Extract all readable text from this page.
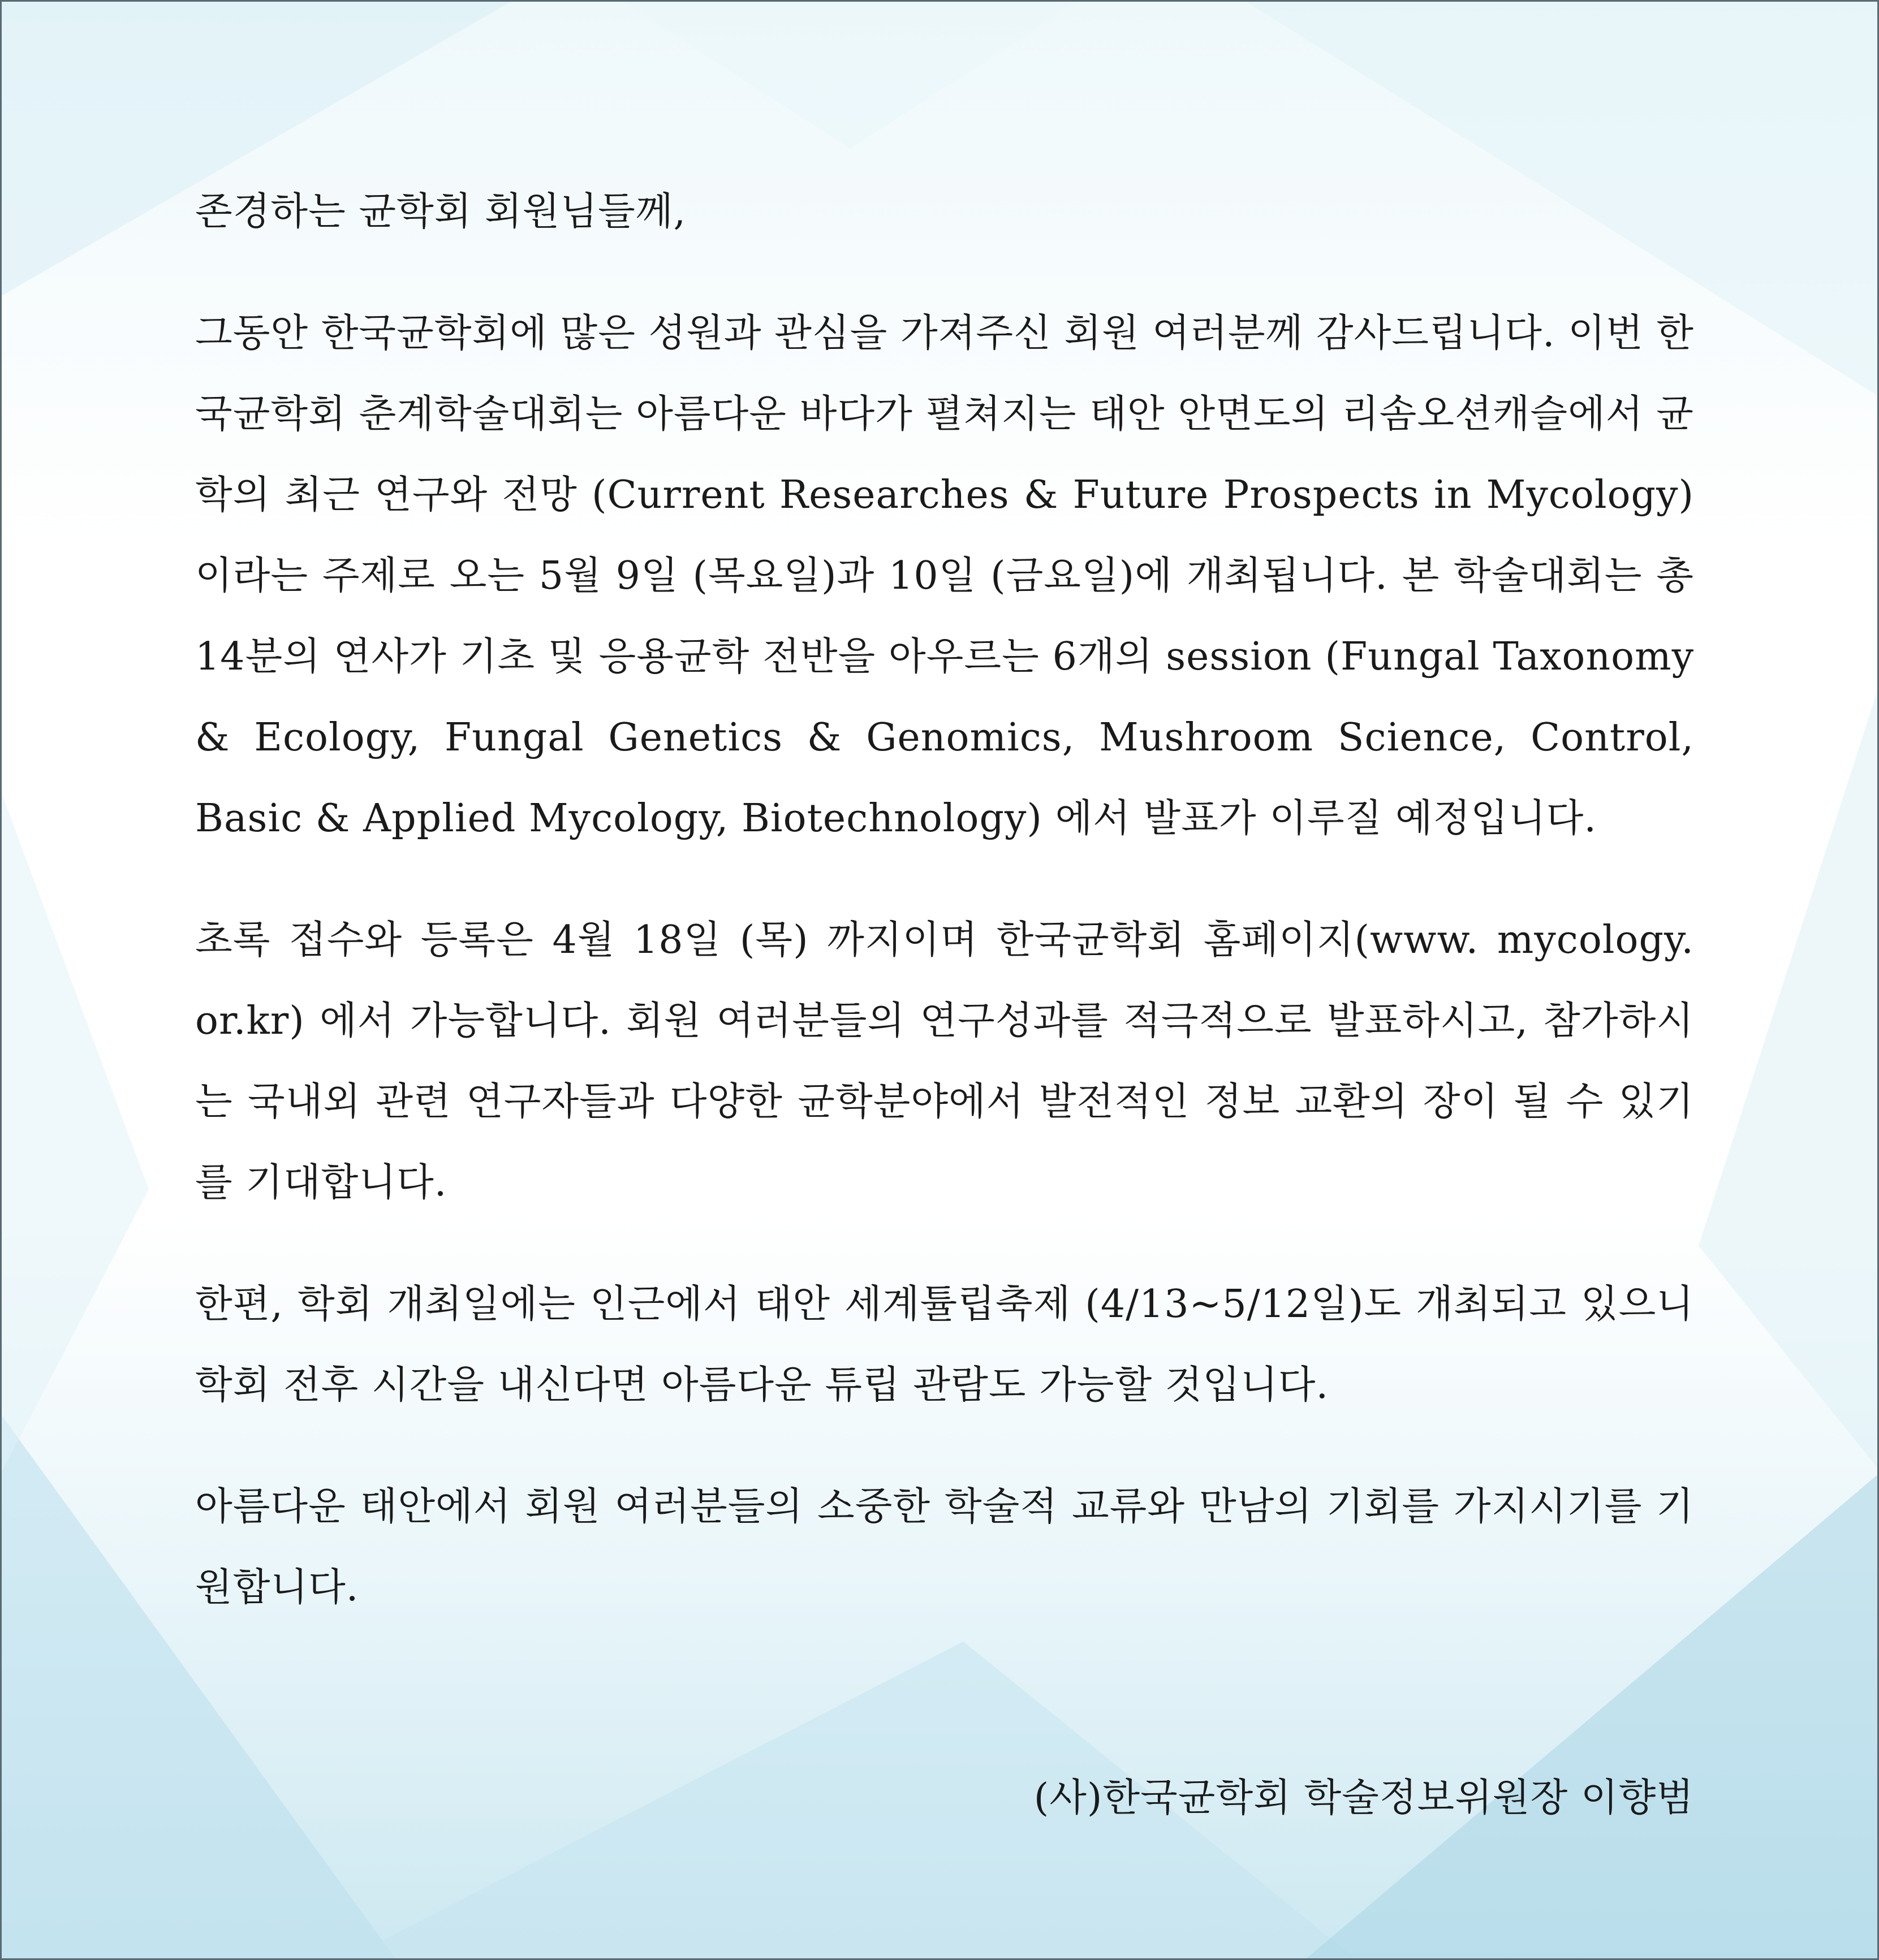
존경하는 균학회 회원님들께,

그동안 한국균학회에 많은 성원과 관심을 가져주신 회원 여러분께 감사드립니다. 이번 한국균학회 춘계학술대회는 아름다운 바다가 펼쳐지는 태안 안면도의 리솜오션캐슬에서 균학의 최근 연구와 전망 (Current Researches & Future Prospects in Mycology)이라는 주제로 오는 5월 9일 (목요일)과 10일 (금요일)에 개최됩니다. 본 학술대회는 총 14분의 연사가 기초 및 응용균학 전반을 아우르는 6개의 session (Fungal Taxonomy & Ecology, Fungal Genetics & Genomics, Mushroom Science, Control, Basic & Applied Mycology, Biotechnology) 에서 발표가 이루질 예정입니다.

초록 접수와 등록은 4월 18일 (목) 까지이며 한국균학회 홈페이지(www. mycology. or.kr) 에서 가능합니다. 회원 여러분들의 연구성과를 적극적으로 발표하시고, 참가하시는 국내외 관련 연구자들과 다양한 균학분야에서 발전적인 정보 교환의 장이 될 수 있기를 기대합니다.

한편, 학회 개최일에는 인근에서 태안 세계튤립축제 (4/13~5/12일)도 개최되고 있으니 학회 전후 시간을 내신다면 아름다운 튜립 관람도 가능할 것입니다.

아름다운 태안에서 회원 여러분들의 소중한 학술적 교류와 만남의 기회를 가지시기를 기원합니다.

(사)한국균학회 학술정보위원장 이향범
